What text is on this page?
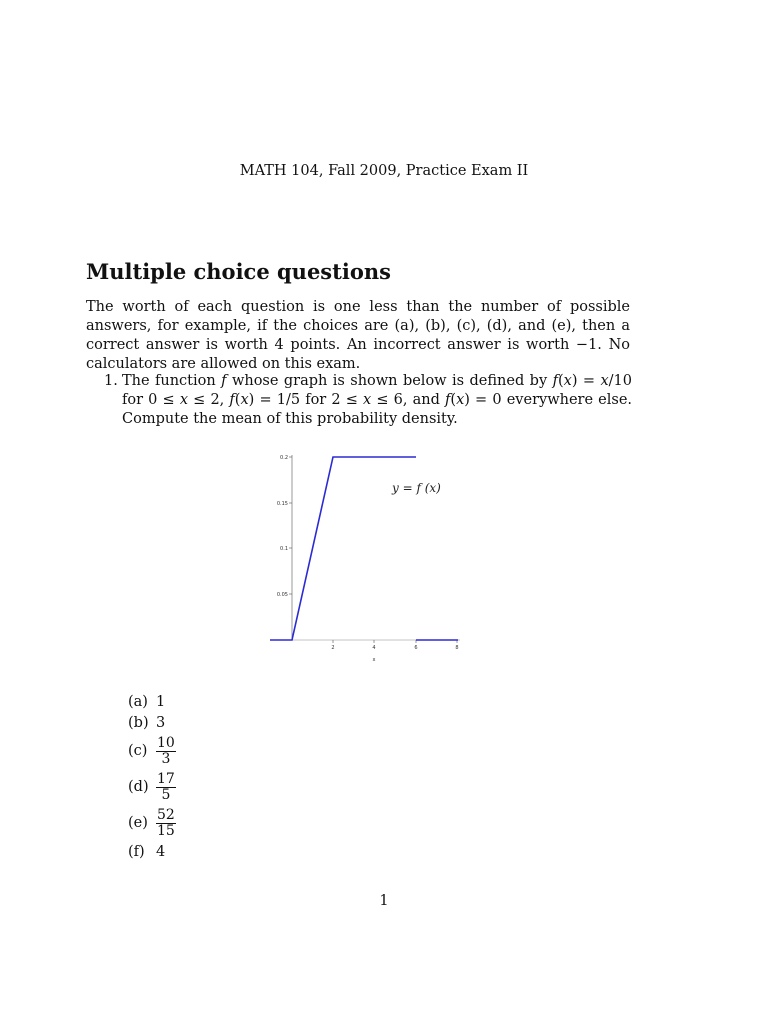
MATH 104, Fall 2009, Practice Exam II
Multiple choice questions

The worth of each question is one less than the number of possible answers, for example, if the choices are (a), (b), (c), (d), and (e), then a correct answer is worth 4 points. An incorrect answer is worth −1. No calculators are allowed on this exam.

1. The function f whose graph is shown below is defined by f(x) = x/10 for 0 ≤ x ≤ 2, f(x) = 1/5 for 2 ≤ x ≤ 6, and f(x) = 0 everywhere else. Compute the mean of this probability density.

0.2
0.15
0.1
0.05
2	4	6	8
x
y = f (x)
(a) 1
(b) 3
$(c) \frac{10}{3}$
$(d) \frac{17}{5}$
$(e) \frac{52}{15}$
(f) 4
1
